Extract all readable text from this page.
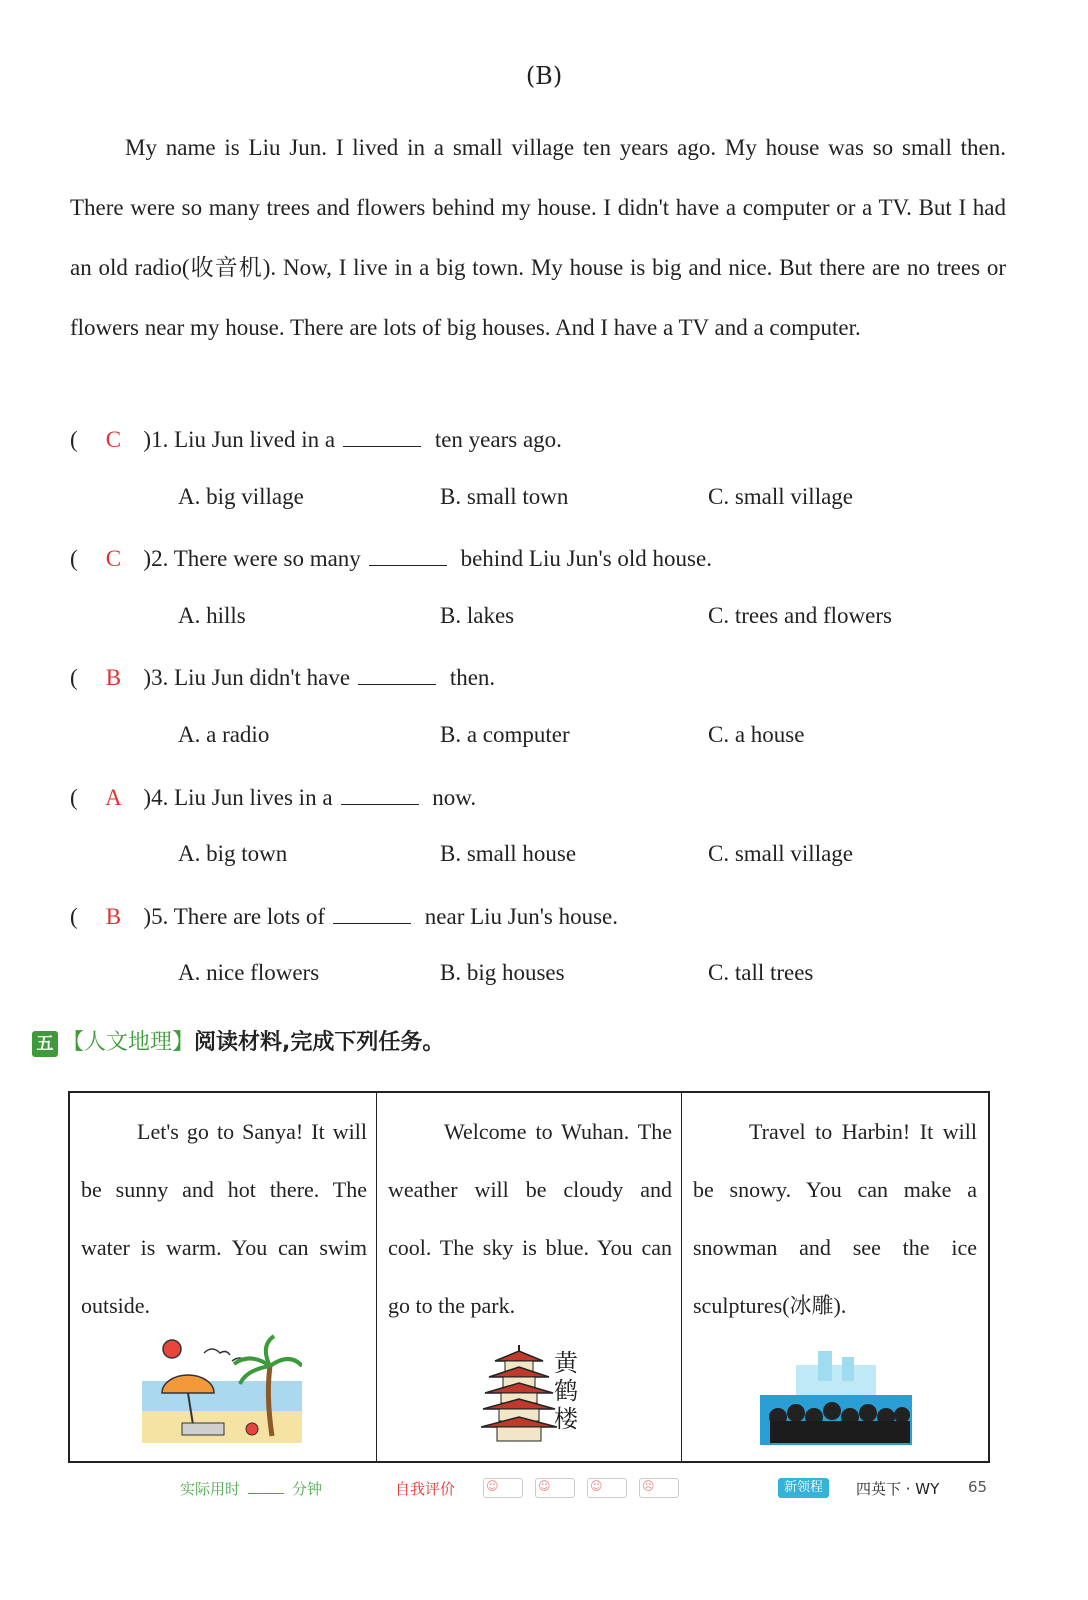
(B)

My name is Liu Jun. I lived in a small village ten years ago. My house was so small then. There were so many trees and flowers behind my house. I didn't have a computer or a TV. But I had an old radio(收音机). Now, I live in a big town. My house is big and nice. But there are no trees or flowers near my house. There are lots of big houses. And I have a TV and a computer.

( C )1. Liu Jun lived in a	ten years ago.
A. big village	B. small town	C. small village
( C )2. There were so many	behind Liu Jun's old house.
A. hills	B. lakes	C. trees and flowers
( B )3. Liu Jun didn't have	then.
A. a radio	B. a computer	C. a house
( A )4. Liu Jun lives in a	now.
A. big town	B. small house	C. small village
( B )5. There are lots of	near Liu Jun's house.
A. nice flowers	B. big houses	C. tall trees
五 【人文地理】阅读材料,完成下列任务。

Let's go to Sanya! It will be sunny and hot there. The water is warm. You can swim outside.

Welcome to Wuhan. The weather will be cloudy and cool. The sky is blue. You can go to the park.

黄鹤楼

Travel to Harbin! It will be snowy. You can make a snowman and see the ice sculptures(冰雕).

实际用时	分钟	自我评价	☺	☺	☺	☹	新领程	四英下 · WY 65
